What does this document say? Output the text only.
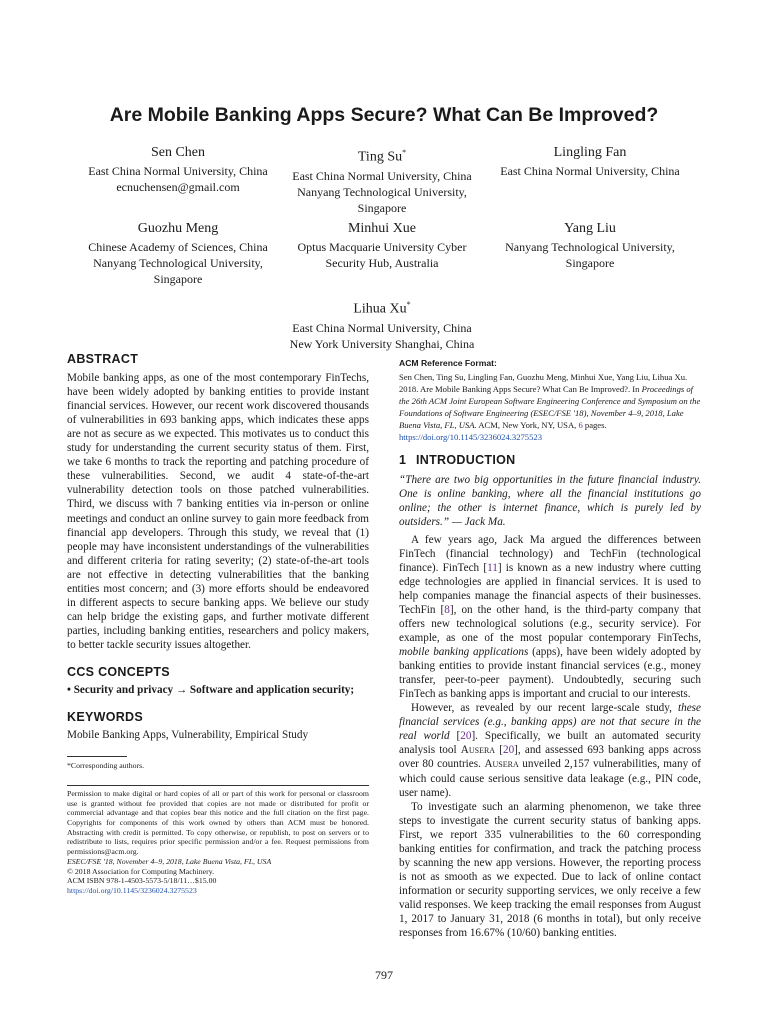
Are Mobile Banking Apps Secure? What Can Be Improved?
Sen Chen
East China Normal University, China
ecnuchensen@gmail.com
Ting Su*
East China Normal University, China
Nanyang Technological University,
Singapore
Lingling Fan
East China Normal University, China
Guozhu Meng
Chinese Academy of Sciences, China
Nanyang Technological University,
Singapore
Minhui Xue
Optus Macquarie University Cyber
Security Hub, Australia
Yang Liu
Nanyang Technological University,
Singapore
Lihua Xu*
East China Normal University, China
New York University Shanghai, China
ABSTRACT

Mobile banking apps, as one of the most contemporary FinTechs, have been widely adopted by banking entities to provide instant financial services. However, our recent work discovered thousands of vulnerabilities in 693 banking apps, which indicates these apps are not as secure as we expected. This motivates us to conduct this study for understanding the current security status of them. First, we take 6 months to track the reporting and patching procedure of these vulnerabilities. Second, we audit 4 state-of-the-art vulnerability detection tools on those patched vulnerabilities. Third, we discuss with 7 banking entities via in-person or online meetings and conduct an online survey to gain more feedback from financial app developers. Through this study, we reveal that (1) people may have inconsistent understandings of the vulnerabilities and different criteria for rating severity; (2) state-of-the-art tools are not effective in detecting vulnerabilities that the banking entities most concern; and (3) more efforts should be endeavored in different aspects to secure banking apps. We believe our study can help bridge the existing gaps, and further motivate different parties, including banking entities, researchers and policy makers, to better tackle security issues altogether.

CCS CONCEPTS

• Security and privacy → Software and application security;

KEYWORDS

Mobile Banking Apps, Vulnerability, Empirical Study

*Corresponding authors.

Permission to make digital or hard copies of all or part of this work for personal or classroom use is granted without fee provided that copies are not made or distributed for profit or commercial advantage and that copies bear this notice and the full citation on the first page. Copyrights for components of this work owned by others than ACM must be honored. Abstracting with credit is permitted. To copy otherwise, or republish, to post on servers or to redistribute to lists, requires prior specific permission and/or a fee. Request permissions from permissions@acm.org.

ESEC/FSE '18, November 4–9, 2018, Lake Buena Vista, FL, USA

© 2018 Association for Computing Machinery.

ACM ISBN 978-1-4503-5573-5/18/11…$15.00

https://doi.org/10.1145/3236024.3275523

ACM Reference Format:

Sen Chen, Ting Su, Lingling Fan, Guozhu Meng, Minhui Xue, Yang Liu, Lihua Xu. 2018. Are Mobile Banking Apps Secure? What Can Be Improved?. In Proceedings of the 26th ACM Joint European Software Engineering Conference and Symposium on the Foundations of Software Engineering (ESEC/FSE '18), November 4–9, 2018, Lake Buena Vista, FL, USA. ACM, New York, NY, USA, 6 pages. https://doi.org/10.1145/3236024.3275523

1 INTRODUCTION

“There are two big opportunities in the future financial industry. One is online banking, where all the financial institutions go online; the other is internet finance, which is purely led by outsiders.” — Jack Ma.

A few years ago, Jack Ma argued the differences between FinTech (financial technology) and TechFin (technological finance). FinTech [11] is known as a new industry where cutting edge technologies are applied in financial services. It is used to help companies manage the financial aspects of their businesses. TechFin [8], on the other hand, is the third-party company that offers new technological solutions (e.g., security service). For example, as one of the most popular contemporary FinTechs, mobile banking applications (apps), have been widely adopted by banking entities to provide instant financial services (e.g., money transfer, peer-to-peer payment). Undoubtedly, securing such FinTech as banking apps is important and crucial to our interests.

However, as revealed by our recent large-scale study, these financial services (e.g., banking apps) are not that secure in the real world [20]. Specifically, we built an automated security analysis tool Ausera [20], and assessed 693 banking apps across over 80 countries. Ausera unveiled 2,157 vulnerabilities, many of which could cause serious sensitive data leakage (e.g., PIN code, user name).

To investigate such an alarming phenomenon, we take three steps to investigate the current security status of banking apps. First, we report 335 vulnerabilities to the 60 corresponding banking entities for confirmation, and track the patching process by scanning the new app versions. However, the reporting process is not as smooth as we expected. Due to lack of online contact information or security supporting services, we only receive a few valid responses. We keep tracking the email responses from August 1, 2017 to January 31, 2018 (6 months in total), but only receive responses from 16.67% (10/60) banking entities.

797
